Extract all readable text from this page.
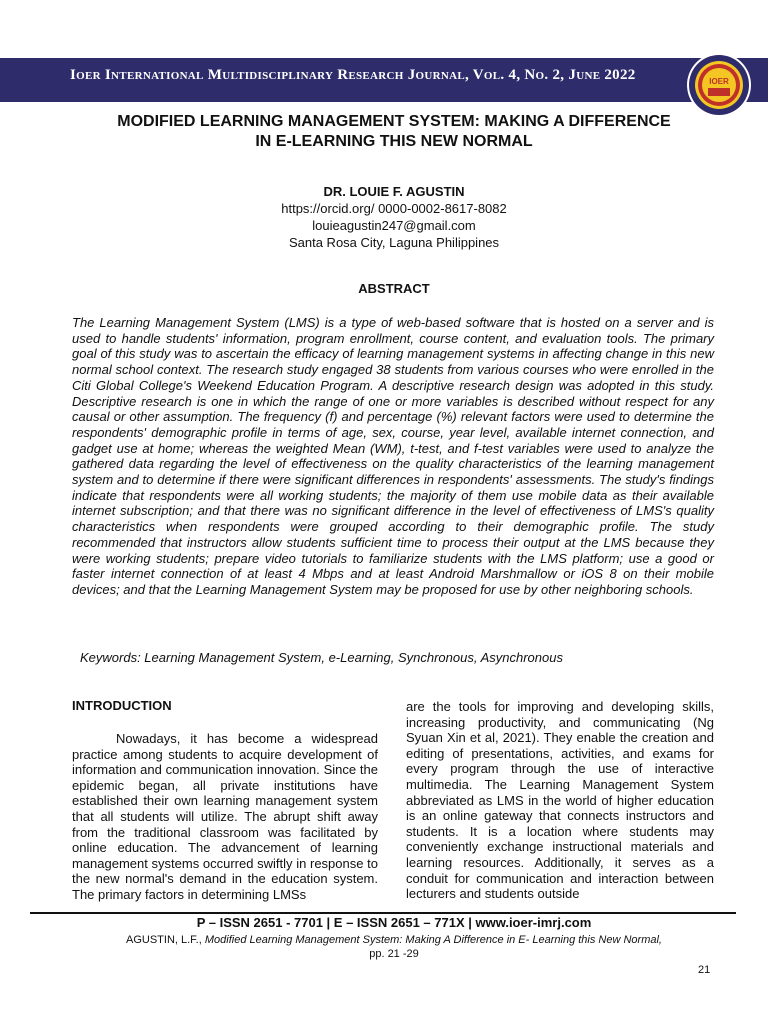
Ioer International Multidisciplinary Research Journal, Vol. 4, No. 2, June 2022	IOER
MODIFIED LEARNING MANAGEMENT SYSTEM: MAKING A DIFFERENCE
IN E-LEARNING THIS NEW NORMAL
DR. LOUIE F. AGUSTIN
https://orcid.org/ 0000-0002-8617-8082
louieagustin247@gmail.com
Santa Rosa City, Laguna Philippines
ABSTRACT
The Learning Management System (LMS) is a type of web-based software that is hosted on a server and is used to handle students' information, program enrollment, course content, and evaluation tools. The primary goal of this study was to ascertain the efficacy of learning management systems in affecting change in this new normal school context. The research study engaged 38 students from various courses who were enrolled in the Citi Global College's Weekend Education Program. A descriptive research design was adopted in this study. Descriptive research is one in which the range of one or more variables is described without respect for any causal or other assumption. The frequency (f) and percentage (%) relevant factors were used to determine the respondents' demographic profile in terms of age, sex, course, year level, available internet connection, and gadget use at home; whereas the weighted Mean (WM), t-test, and f-test variables were used to analyze the gathered data regarding the level of effectiveness on the quality characteristics of the learning management system and to determine if there were significant differences in respondents' assessments. The study's findings indicate that respondents were all working students; the majority of them use mobile data as their available internet subscription; and that there was no significant difference in the level of effectiveness of LMS's quality characteristics when respondents were grouped according to their demographic profile. The study recommended that instructors allow students sufficient time to process their output at the LMS because they were working students; prepare video tutorials to familiarize students with the LMS platform; use a good or faster internet connection of at least 4 Mbps and at least Android Marshmallow or iOS 8 on their mobile devices; and that the Learning Management System may be proposed for use by other neighboring schools.
Keywords: Learning Management System, e-Learning, Synchronous, Asynchronous
INTRODUCTION

Nowadays, it has become a widespread practice among students to acquire development of information and communication innovation. Since the epidemic began, all private institutions have established their own learning management system that all students will utilize. The abrupt shift away from the traditional classroom was facilitated by online education. The advancement of learning management systems occurred swiftly in response to the new normal's demand in the education system. The primary factors in determining LMSs

are the tools for improving and developing skills, increasing productivity, and communicating (Ng Syuan Xin et al, 2021). They enable the creation and editing of presentations, activities, and exams for every program through the use of interactive multimedia. The Learning Management System abbreviated as LMS in the world of higher education is an online gateway that connects instructors and students. It is a location where students may conveniently exchange instructional materials and learning resources. Additionally, it serves as a conduit for communication and interaction between lecturers and students outside

P – ISSN 2651 - 7701 | E – ISSN 2651 – 771X | www.ioer-imrj.com
AGUSTIN, L.F., Modified Learning Management System: Making A Difference in E- Learning this New Normal,
pp. 21 -29
21
